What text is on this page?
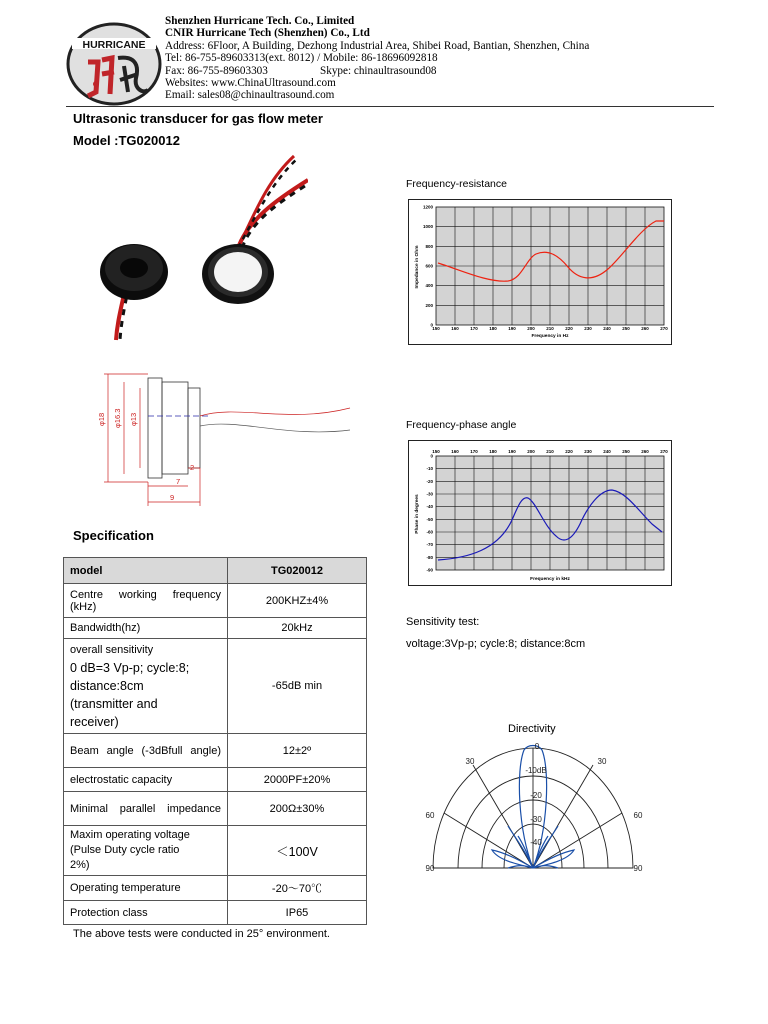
HURRICANE
Shenzhen Hurricane Tech. Co., Limited
CNIR Hurricane Tech (Shenzhen) Co., Ltd
Address: 6Floor, A Building, Dezhong Industrial Area, Shibei Road, Bantian, Shenzhen, China
Tel: 86-755-89603313(ext. 8012) / Mobile: 86-18696092818
Fax: 86-755-89603303	Skype: chinaultrasound08
Websites: www.ChinaUltrasound.com
Email: sales08@chinaultrasound.com
Ultrasonic transducer for gas flow meter
Model :TG020012
φ18 φ16.3 φ13
2
7
9
Specification
model	TG020012
Centre working frequency (kHz)	200KHZ±4%
Bandwidth(hz)	20kHz

overall sensitivity
0 dB=3 Vp-p; cycle:8;
distance:8cm
(transmitter and
receiver)	-65dB min
Beam angle (-3dBfull angle)	12±2º
electrostatic capacity	2000PF±20%
Minimal parallel impedance	200Ω±30%

Maxim operating voltage
(Pulse Duty cycle ratio
2%)	＜100V
Operating temperature	-20～70℃
Protection class	IP65
The above tests were conducted in 25° environment.
Frequency-resistance
150	160	170	180	190	200	210	220	230	240	250	260	270
1200
1000
800
600
400
200
0
Frequency in Hz
Impedance in Ohm
Frequency-phase angle
150	160	170	180	190	200	210	220	230	240	250	260	270
0
-10
-20
-30
-40
-50
-60
-70
-80
-90
Frequency in kHz
Phase in degrees
Sensitivity test:
voltage:3Vp-p; cycle:8; distance:8cm
Directivity
0
30	30
60	60
90	90
-10dB
-20
-30
-40
